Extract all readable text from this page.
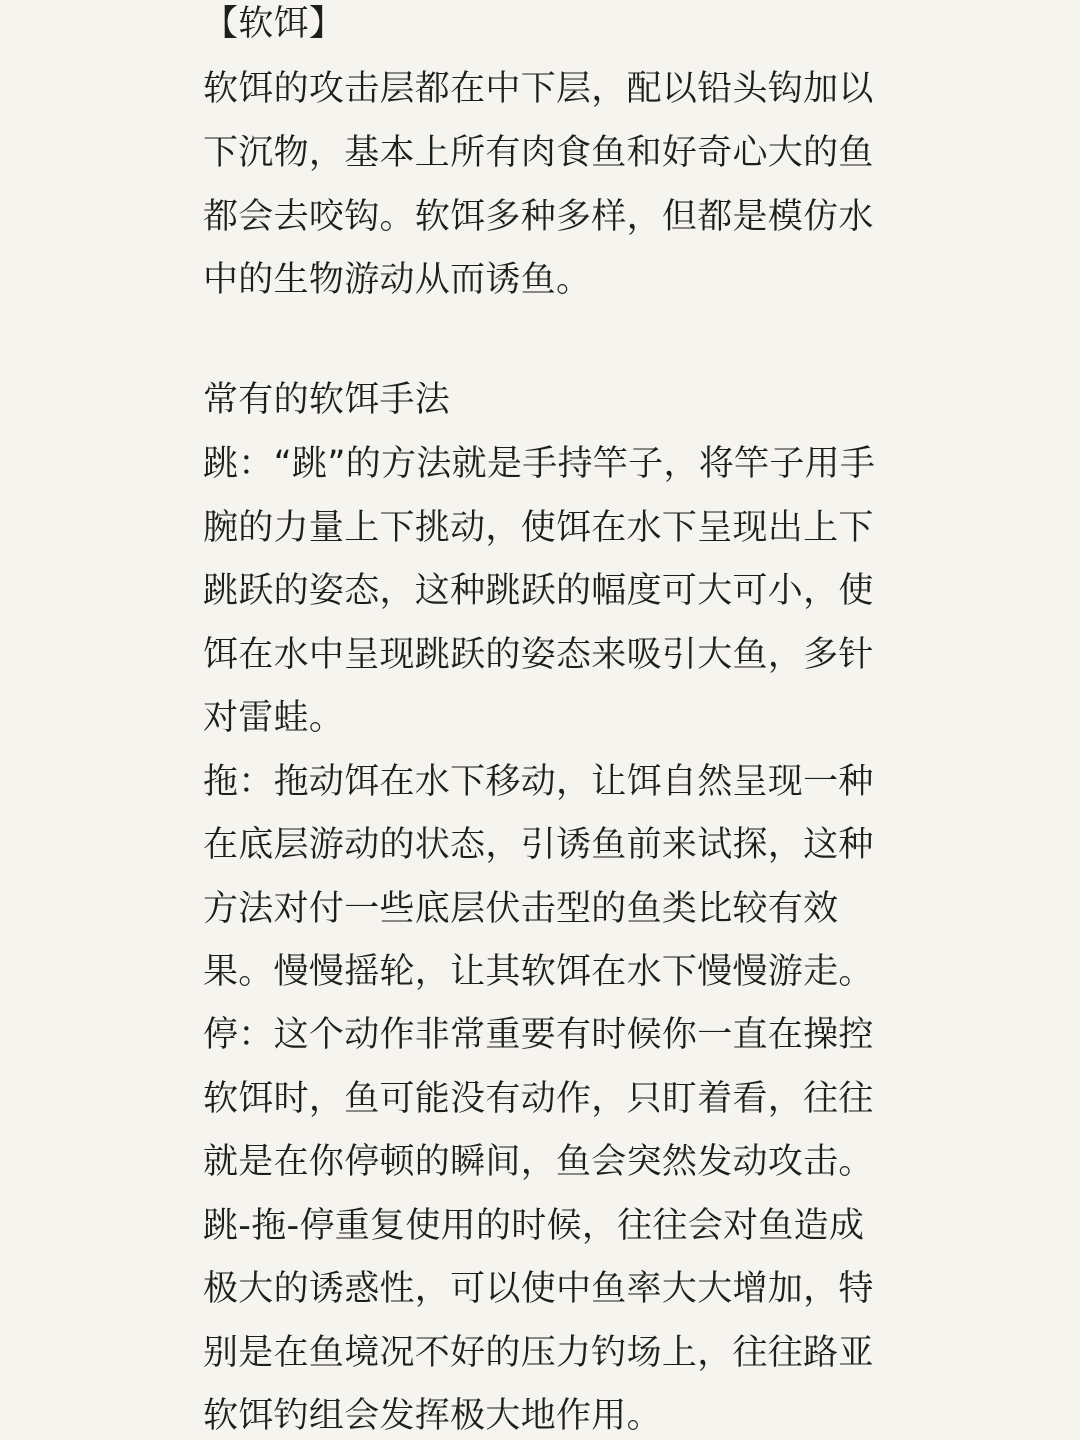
【软饵】
软饵的攻击层都在中下层，配以铅头钩加以
下沉物，基本上所有肉食鱼和好奇心大的鱼
都会去咬钩。软饵多种多样，但都是模仿水
中的生物游动从而诱鱼。
常有的软饵手法
跳：“跳”的方法就是手持竿子，将竿子用手
腕的力量上下挑动，使饵在水下呈现出上下
跳跃的姿态，这种跳跃的幅度可大可小，使
饵在水中呈现跳跃的姿态来吸引大鱼，多针
对雷蛙。
拖：拖动饵在水下移动，让饵自然呈现一种
在底层游动的状态，引诱鱼前来试探，这种
方法对付一些底层伏击型的鱼类比较有效
果。慢慢摇轮，让其软饵在水下慢慢游走。
停：这个动作非常重要有时候你一直在操控
软饵时，鱼可能没有动作，只盯着看，往往
就是在你停顿的瞬间，鱼会突然发动攻击。
跳-拖-停重复使用的时候，往往会对鱼造成
极大的诱惑性，可以使中鱼率大大增加，特
别是在鱼境况不好的压力钓场上，往往路亚
软饵钓组会发挥极大地作用。
